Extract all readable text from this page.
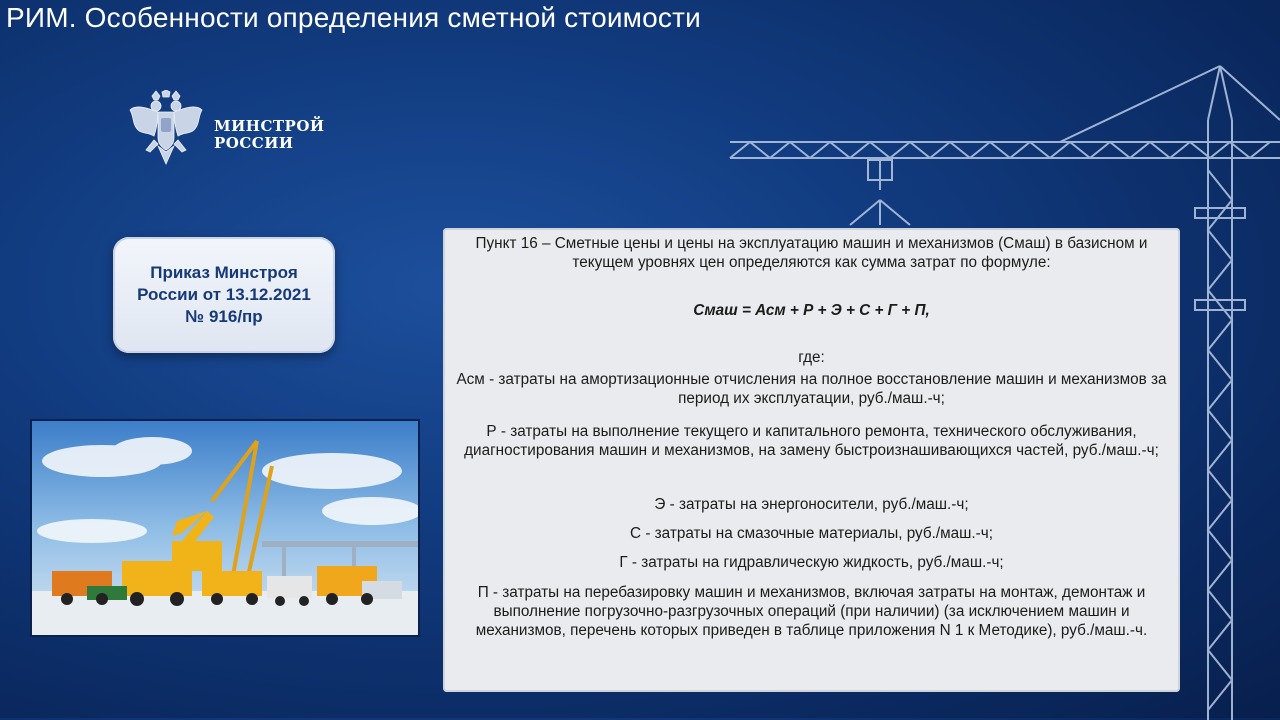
РИМ. Особенности определения сметной стоимости
МИНСТРОЙ
РОССИИ
Приказ Минстроя
России от 13.12.2021
№ 916/пр

Пункт 16 – Сметные цены и цены на эксплуатацию машин и механизмов (Смаш) в базисном и текущем уровнях цен определяются как сумма затрат по формуле:

Смаш = Асм + Р + Э + С + Г + П,

где:

Асм - затраты на амортизационные отчисления на полное восстановление машин и механизмов за период их эксплуатации, руб./маш.-ч;

Р - затраты на выполнение текущего и капитального ремонта, технического обслуживания, диагностирования машин и механизмов, на замену быстроизнашивающихся частей, руб./маш.-ч;

Э - затраты на энергоносители, руб./маш.-ч;

С - затраты на смазочные материалы, руб./маш.-ч;

Г - затраты на гидравлическую жидкость, руб./маш.-ч;

П - затраты на перебазировку машин и механизмов, включая затраты на монтаж, демонтаж и выполнение погрузочно-разгрузочных операций (при наличии) (за исключением машин и механизмов, перечень которых приведен в таблице приложения N 1 к Методике), руб./маш.-ч.
